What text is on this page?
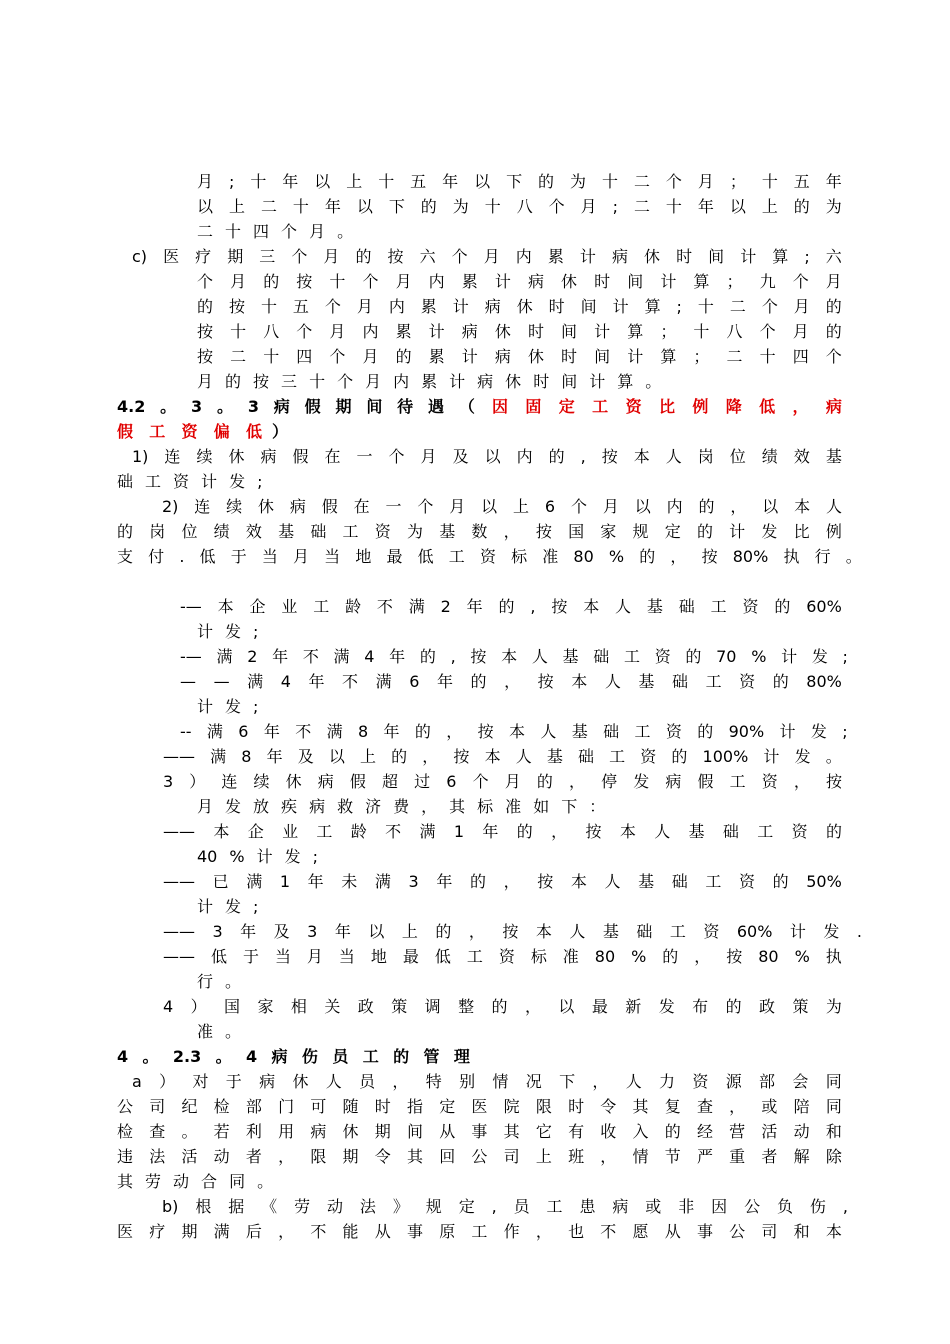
月 ; 十 年 以 上 十 五 年 以 下 的 为 十 二 个 月 ； 十 五 年
以 上 二 十 年 以 下 的 为 十 八 个 月 ; 二 十 年 以 上 的 为
二 十 四 个 月 。
c) 医 疗 期 三 个 月 的 按 六 个 月 内 累 计 病 休 时 间 计 算 ; 六
个 月 的 按 十 个 月 内 累 计 病 休 时 间 计 算 ； 九 个 月
的 按 十 五 个 月 内 累 计 病 休 时 间 计 算 ; 十 二 个 月 的
按 十 八 个 月 内 累 计 病 休 时 间 计 算 ； 十 八 个 月 的
按 二 十 四 个 月 的 累 计 病 休 时 间 计 算 ； 二 十 四 个
月 的 按 三 十 个 月 内 累 计 病 休 时 间 计 算 。
4.2 。 3 。 3 病 假 期 间 待 遇 （ 因 固 定 工 资 比 例 降 低 ， 病
假 工 资 偏 低 ）
1) 连 续 休 病 假 在 一 个 月 及 以 内 的 , 按 本 人 岗 位 绩 效 基
础 工 资 计 发 ;
2) 连 续 休 病 假 在 一 个 月 以 上 6 个 月 以 内 的 ， 以 本 人
的 岗 位 绩 效 基 础 工 资 为 基 数 ， 按 国 家 规 定 的 计 发 比 例
支 付 . 低 于 当 月 当 地 最 低 工 资 标 准 80 % 的 ， 按 80% 执 行 。
-— 本 企 业 工 龄 不 满 2 年 的 , 按 本 人 基 础 工 资 的 60%
计 发 ;
-— 满 2 年 不 满 4 年 的 , 按 本 人 基 础 工 资 的 70 % 计 发 ;
— — 满 4 年 不 满 6 年 的 ， 按 本 人 基 础 工 资 的 80%
计 发 ;
-- 满 6 年 不 满 8 年 的 ， 按 本 人 基 础 工 资 的 90% 计 发 ;
—— 满 8 年 及 以 上 的 ， 按 本 人 基 础 工 资 的 100% 计 发 。
3 ） 连 续 休 病 假 超 过 6 个 月 的 ， 停 发 病 假 工 资 ， 按
月 发 放 疾 病 救 济 费 ， 其 标 准 如 下 ：
—— 本 企 业 工 龄 不 满 1 年 的 ， 按 本 人 基 础 工 资 的
40 % 计 发 ;
—— 已 满 1 年 未 满 3 年 的 ， 按 本 人 基 础 工 资 的 50%
计 发 ;
—— 3 年 及 3 年 以 上 的 ， 按 本 人 基 础 工 资 60% 计 发 .
—— 低 于 当 月 当 地 最 低 工 资 标 准 80 % 的 ， 按 80 % 执
行 。
4 ） 国 家 相 关 政 策 调 整 的 ， 以 最 新 发 布 的 政 策 为
准 。
4 。 2.3 。 4 病 伤 员 工 的 管 理
a ） 对 于 病 休 人 员 ， 特 别 情 况 下 ， 人 力 资 源 部 会 同
公 司 纪 检 部 门 可 随 时 指 定 医 院 限 时 令 其 复 查 ， 或 陪 同
检 查 。 若 利 用 病 休 期 间 从 事 其 它 有 收 入 的 经 营 活 动 和
违 法 活 动 者 ， 限 期 令 其 回 公 司 上 班 ， 情 节 严 重 者 解 除
其 劳 动 合 同 。
b) 根 据 《 劳 动 法 》 规 定 , 员 工 患 病 或 非 因 公 负 伤 ,
医 疗 期 满 后 ， 不 能 从 事 原 工 作 ， 也 不 愿 从 事 公 司 和 本
